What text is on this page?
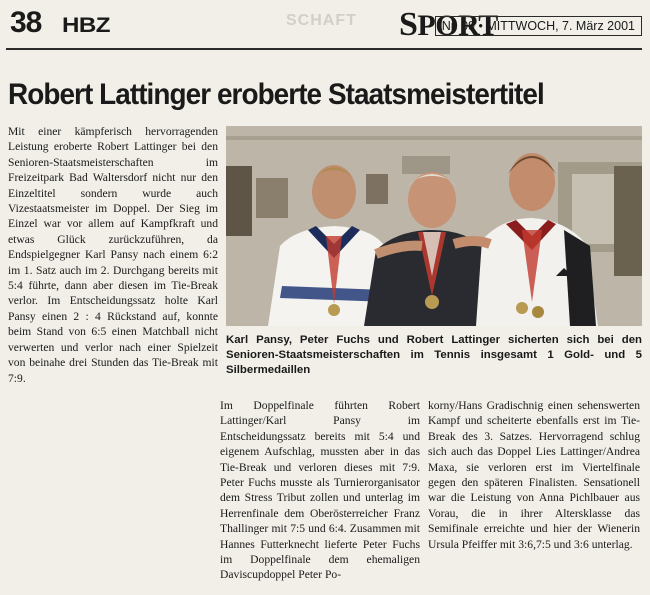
38 HBZ	SCHAFT SPORT
Nr. 09 • MITTWOCH, 7. März 2001
Robert Lattinger eroberte Staatsmeistertitel

Mit einer kämpferisch hervorragenden Leistung eroberte Robert Lattinger bei den Senioren-Staatsmeisterschaften im Freizeitpark Bad Waltersdorf nicht nur den Einzeltitel sondern wurde auch Vizestaatsmeister im Doppel. Der Sieg im Einzel war vor allem auf Kampfkraft und etwas Glück zurückzuführen, da Endspielgegner Karl Pansy nach einem 6:2 im 1. Satz auch im 2. Durchgang bereits mit 5:4 führte, dann aber diesen im Tie-Break verlor. Im Entscheidungssatz holte Karl Pansy einen 2 : 4 Rückstand auf, konnte beim Stand von 6:5 einen Matchball nicht verwerten und verlor nach einer Spielzeit von beinahe drei Stunden das Tie-Break mit 7:9.

Karl Pansy, Peter Fuchs und Robert Lattinger sicherten sich bei den Senioren-Staatsmeisterschaften im Tennis insgesamt 1 Gold- und 5 Silbermedaillen

Im Doppelfinale führten Robert Lattinger/Karl Pansy im Entscheidungssatz bereits mit 5:4 und eigenem Aufschlag, mussten aber in das Tie-Break und verloren dieses mit 7:9. Peter Fuchs musste als Turnierorganisator dem Stress Tribut zollen und unterlag im Herrenfinale dem Oberösterreicher Franz Thallinger mit 7:5 und 6:4. Zusammen mit Hannes Futterknecht lieferte Peter Fuchs im Doppelfinale dem ehemaligen Daviscupdoppel Peter Po-

korny/Hans Gradischnig einen sehenswerten Kampf und scheiterte ebenfalls erst im Tie-Break des 3. Satzes. Hervorragend schlug sich auch das Doppel Lies Lattinger/Andrea Maxa, sie verloren erst im Viertelfinale gegen den späteren Finalisten. Sensationell war die Leistung von Anna Pichlbauer aus Vorau, die in ihrer Altersklasse das Semifinale erreichte und hier der Wienerin Ursula Pfeiffer mit 3:6,7:5 und 3:6 unterlag.
